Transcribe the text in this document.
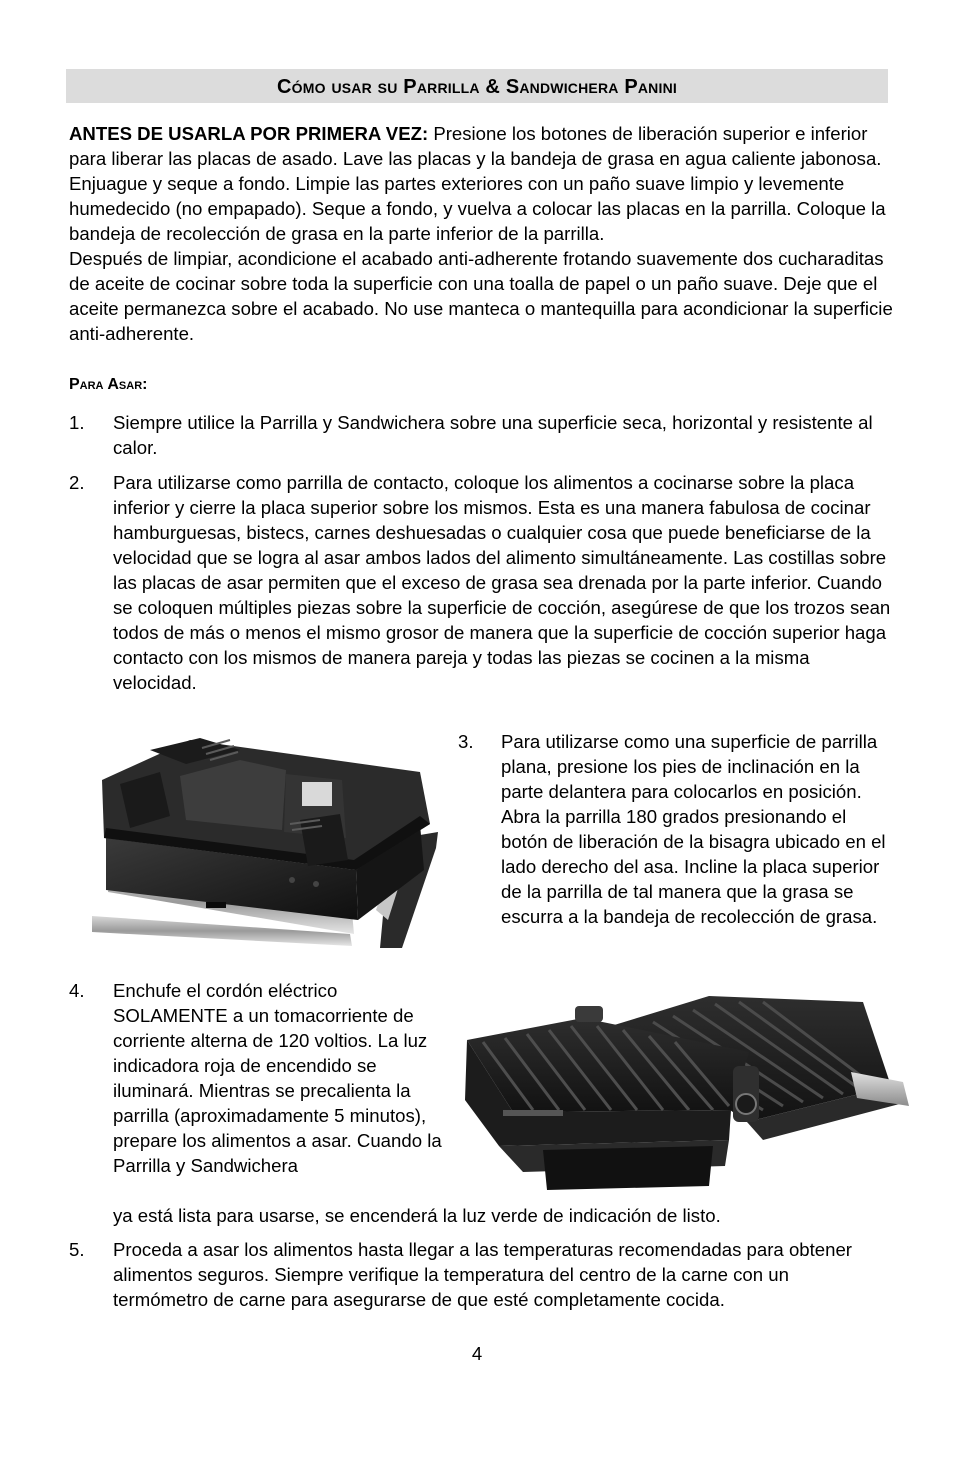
Cómo usar su Parrilla & Sandwichera Panini

ANTES DE USARLA POR PRIMERA VEZ: Presione los botones de liberación superior e inferior para liberar las placas de asado. Lave las placas y la bandeja de grasa en agua caliente jabonosa. Enjuague y seque a fondo. Limpie las partes exteriores con un paño suave limpio y levemente humedecido (no empapado). Seque a fondo, y vuelva a colocar las placas en la parrilla. Coloque la bandeja de recolección de grasa en la parte inferior de la parrilla.

Después de limpiar, acondicione el acabado anti-adherente frotando suavemente dos cucharaditas de aceite de cocinar sobre toda la superficie con una toalla de papel o un paño suave. Deje que el aceite permanezca sobre el acabado. No use manteca o mantequilla para acondicionar la superficie anti-adherente.

Para Asar:
1. Siempre utilice la Parrilla y Sandwichera sobre una superficie seca, horizontal y resistente al calor.
2. Para utilizarse como parrilla de contacto, coloque los alimentos a cocinarse sobre la placa inferior y cierre la placa superior sobre los mismos. Esta es una manera fabulosa de cocinar hamburguesas, bistecs, carnes deshuesadas o cualquier cosa que puede beneficiarse de la velocidad que se logra al asar ambos lados del alimento simultáneamente. Las costillas sobre las placas de asar permiten que el exceso de grasa sea drenada por la parte inferior. Cuando se coloquen múltiples piezas sobre la superficie de cocción, asegúrese de que los trozos sean todos de más o menos el mismo grosor de manera que la superficie de cocción superior haga contacto con los mismos de manera pareja y todas las piezas se cocinen a la misma velocidad.
3. Para utilizarse como una superficie de parrilla plana, presione los pies de inclinación en la parte delantera para colocarlos en posición. Abra la parrilla 180 grados presionando el botón de liberación de la bisagra ubicado en el lado derecho del asa. Incline la placa superior de la parrilla de tal manera que la grasa se escurra a la bandeja de recolección de grasa.
4. Enchufe el cordón eléctrico SOLAMENTE a un tomacorriente de corriente alterna de 120 voltios. La luz indicadora roja de encendido se iluminará. Mientras se precalienta la parrilla (aproximadamente 5 minutos), prepare los alimentos a asar. Cuando la Parrilla y Sandwichera
ya está lista para usarse, se encenderá la luz verde de indicación de listo.
5. Proceda a asar los alimentos hasta llegar a las temperaturas recomendadas para obtener alimentos seguros. Siempre verifique la temperatura del centro de la carne con un termómetro de carne para asegurarse de que esté completamente cocida.
4
